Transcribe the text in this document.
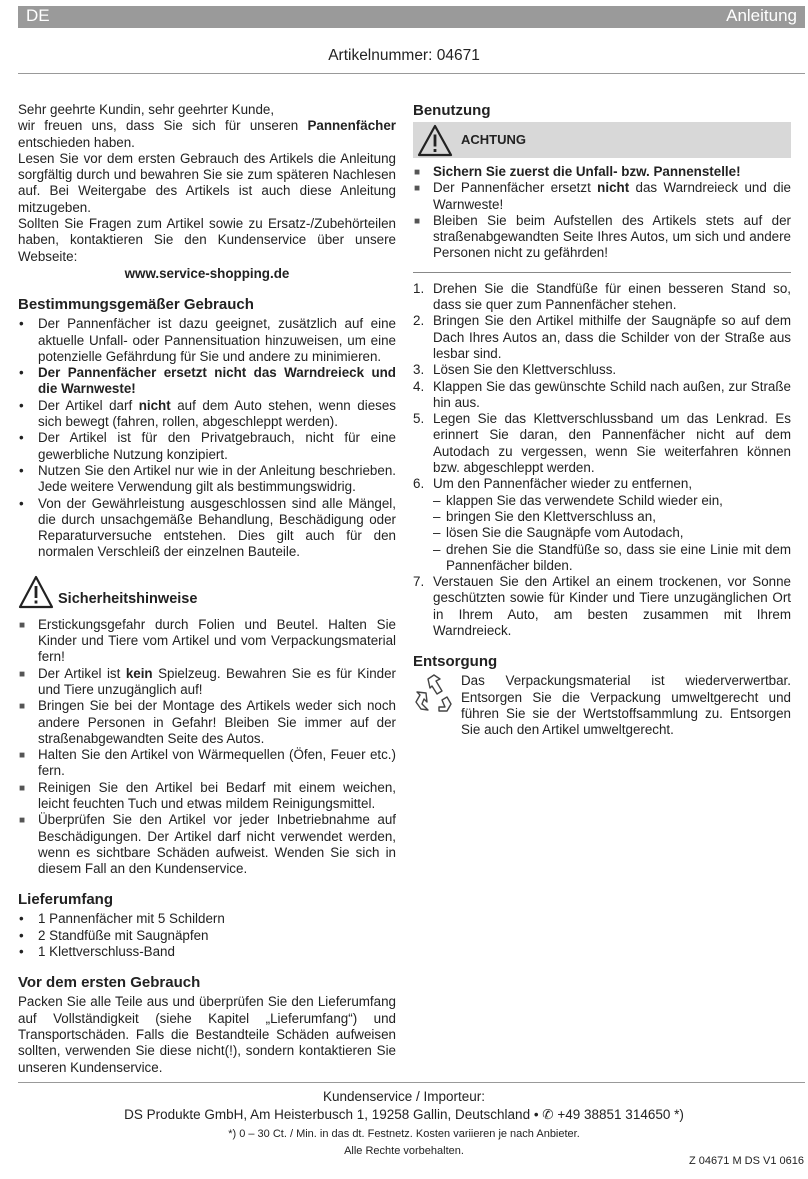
DE	Anleitung
Artikelnummer: 04671

Sehr geehrte Kundin, sehr geehrter Kunde,

wir freuen uns, dass Sie sich für unseren Pannenfächer entschieden haben.

Lesen Sie vor dem ersten Gebrauch des Artikels die Anleitung sorgfältig durch und bewahren Sie sie zum späteren Nachlesen auf. Bei Weitergabe des Artikels ist auch diese Anleitung mitzugeben.

Sollten Sie Fragen zum Artikel sowie zu Ersatz-/Zubehörteilen haben, kontaktieren Sie den Kundenservice über unsere Webseite:

www.service-shopping.de

Bestimmungsgemäßer Gebrauch
• Der Pannenfächer ist dazu geeignet, zusätzlich auf eine aktuelle Unfall- oder Pannensituation hinzuweisen, um eine potenzielle Gefährdung für Sie und andere zu minimieren.
• Der Pannenfächer ersetzt nicht das Warndreieck und die Warnweste!
• Der Artikel darf nicht auf dem Auto stehen, wenn dieses sich bewegt (fahren, rollen, abgeschleppt werden).
• Der Artikel ist für den Privatgebrauch, nicht für eine gewerbliche Nutzung konzipiert.
• Nutzen Sie den Artikel nur wie in der Anleitung beschrieben. Jede weitere Verwendung gilt als bestimmungswidrig.
• Von der Gewährleistung ausgeschlossen sind alle Mängel, die durch unsachgemäße Behandlung, Beschädigung oder Reparaturversuche entstehen. Dies gilt auch für den normalen Verschleiß der einzelnen Bauteile.
Sicherheitshinweise
■ Erstickungsgefahr durch Folien und Beutel. Halten Sie Kinder und Tiere vom Artikel und vom Verpackungsmaterial fern!
■ Der Artikel ist kein Spielzeug. Bewahren Sie es für Kinder und Tiere unzugänglich auf!
■ Bringen Sie bei der Montage des Artikels weder sich noch andere Personen in Gefahr! Bleiben Sie immer auf der straßenabgewandten Seite des Autos.
■ Halten Sie den Artikel von Wärmequellen (Öfen, Feuer etc.) fern.
■ Reinigen Sie den Artikel bei Bedarf mit einem weichen, leicht feuchten Tuch und etwas mildem Reinigungsmittel.
■ Überprüfen Sie den Artikel vor jeder Inbetriebnahme auf Beschädigungen. Der Artikel darf nicht verwendet werden, wenn es sichtbare Schäden aufweist. Wenden Sie sich in diesem Fall an den Kundenservice.
Lieferumfang
• 1 Pannenfächer mit 5 Schildern
• 2 Standfüße mit Saugnäpfen
• 1 Klettverschluss-Band
Vor dem ersten Gebrauch

Packen Sie alle Teile aus und überprüfen Sie den Lieferumfang auf Vollständigkeit (siehe Kapitel „Lieferumfang“) und Transportschäden. Falls die Bestandteile Schäden aufweisen sollten, verwenden Sie diese nicht(!), sondern kontaktieren Sie unseren Kundenservice.

Benutzung
ACHTUNG
■ Sichern Sie zuerst die Unfall- bzw. Pannenstelle!
■ Der Pannenfächer ersetzt nicht das Warndreieck und die Warnweste!
■ Bleiben Sie beim Aufstellen des Artikels stets auf der straßenabgewandten Seite Ihres Autos, um sich und andere Personen nicht zu gefährden!
1. Drehen Sie die Standfüße für einen besseren Stand so, dass sie quer zum Pannenfächer stehen.
2. Bringen Sie den Artikel mithilfe der Saugnäpfe so auf dem Dach Ihres Autos an, dass die Schilder von der Straße aus lesbar sind.
3. Lösen Sie den Klettverschluss.
4. Klappen Sie das gewünschte Schild nach außen, zur Straße hin aus.
5. Legen Sie das Klettverschlussband um das Lenkrad. Es erinnert Sie daran, den Pannenfächer nicht auf dem Autodach zu vergessen, wenn Sie weiterfahren können bzw. abgeschleppt werden.
6. Um den Pannenfächer wieder zu entfernen,
– klappen Sie das verwendete Schild wieder ein,
– bringen Sie den Klettverschluss an,
– lösen Sie die Saugnäpfe vom Autodach,
– drehen Sie die Standfüße so, dass sie eine Linie mit dem Pannenfächer bilden.
7. Verstauen Sie den Artikel an einem trockenen, vor Sonne geschützten sowie für Kinder und Tiere unzugänglichen Ort in Ihrem Auto, am besten zusammen mit Ihrem Warndreieck.
Entsorgung

Das Verpackungsmaterial ist wiederverwertbar. Entsorgen Sie die Verpackung umweltgerecht und führen Sie sie der Wertstoffsammlung zu. Entsorgen Sie auch den Artikel umweltgerecht.

Kundenservice / Importeur:
DS Produkte GmbH, Am Heisterbusch 1, 19258 Gallin, Deutschland • ✆ +49 38851 314650 *)
*) 0 – 30 Ct. / Min. in das dt. Festnetz. Kosten variieren je nach Anbieter.
Alle Rechte vorbehalten.
Z 04671 M DS V1 0616
